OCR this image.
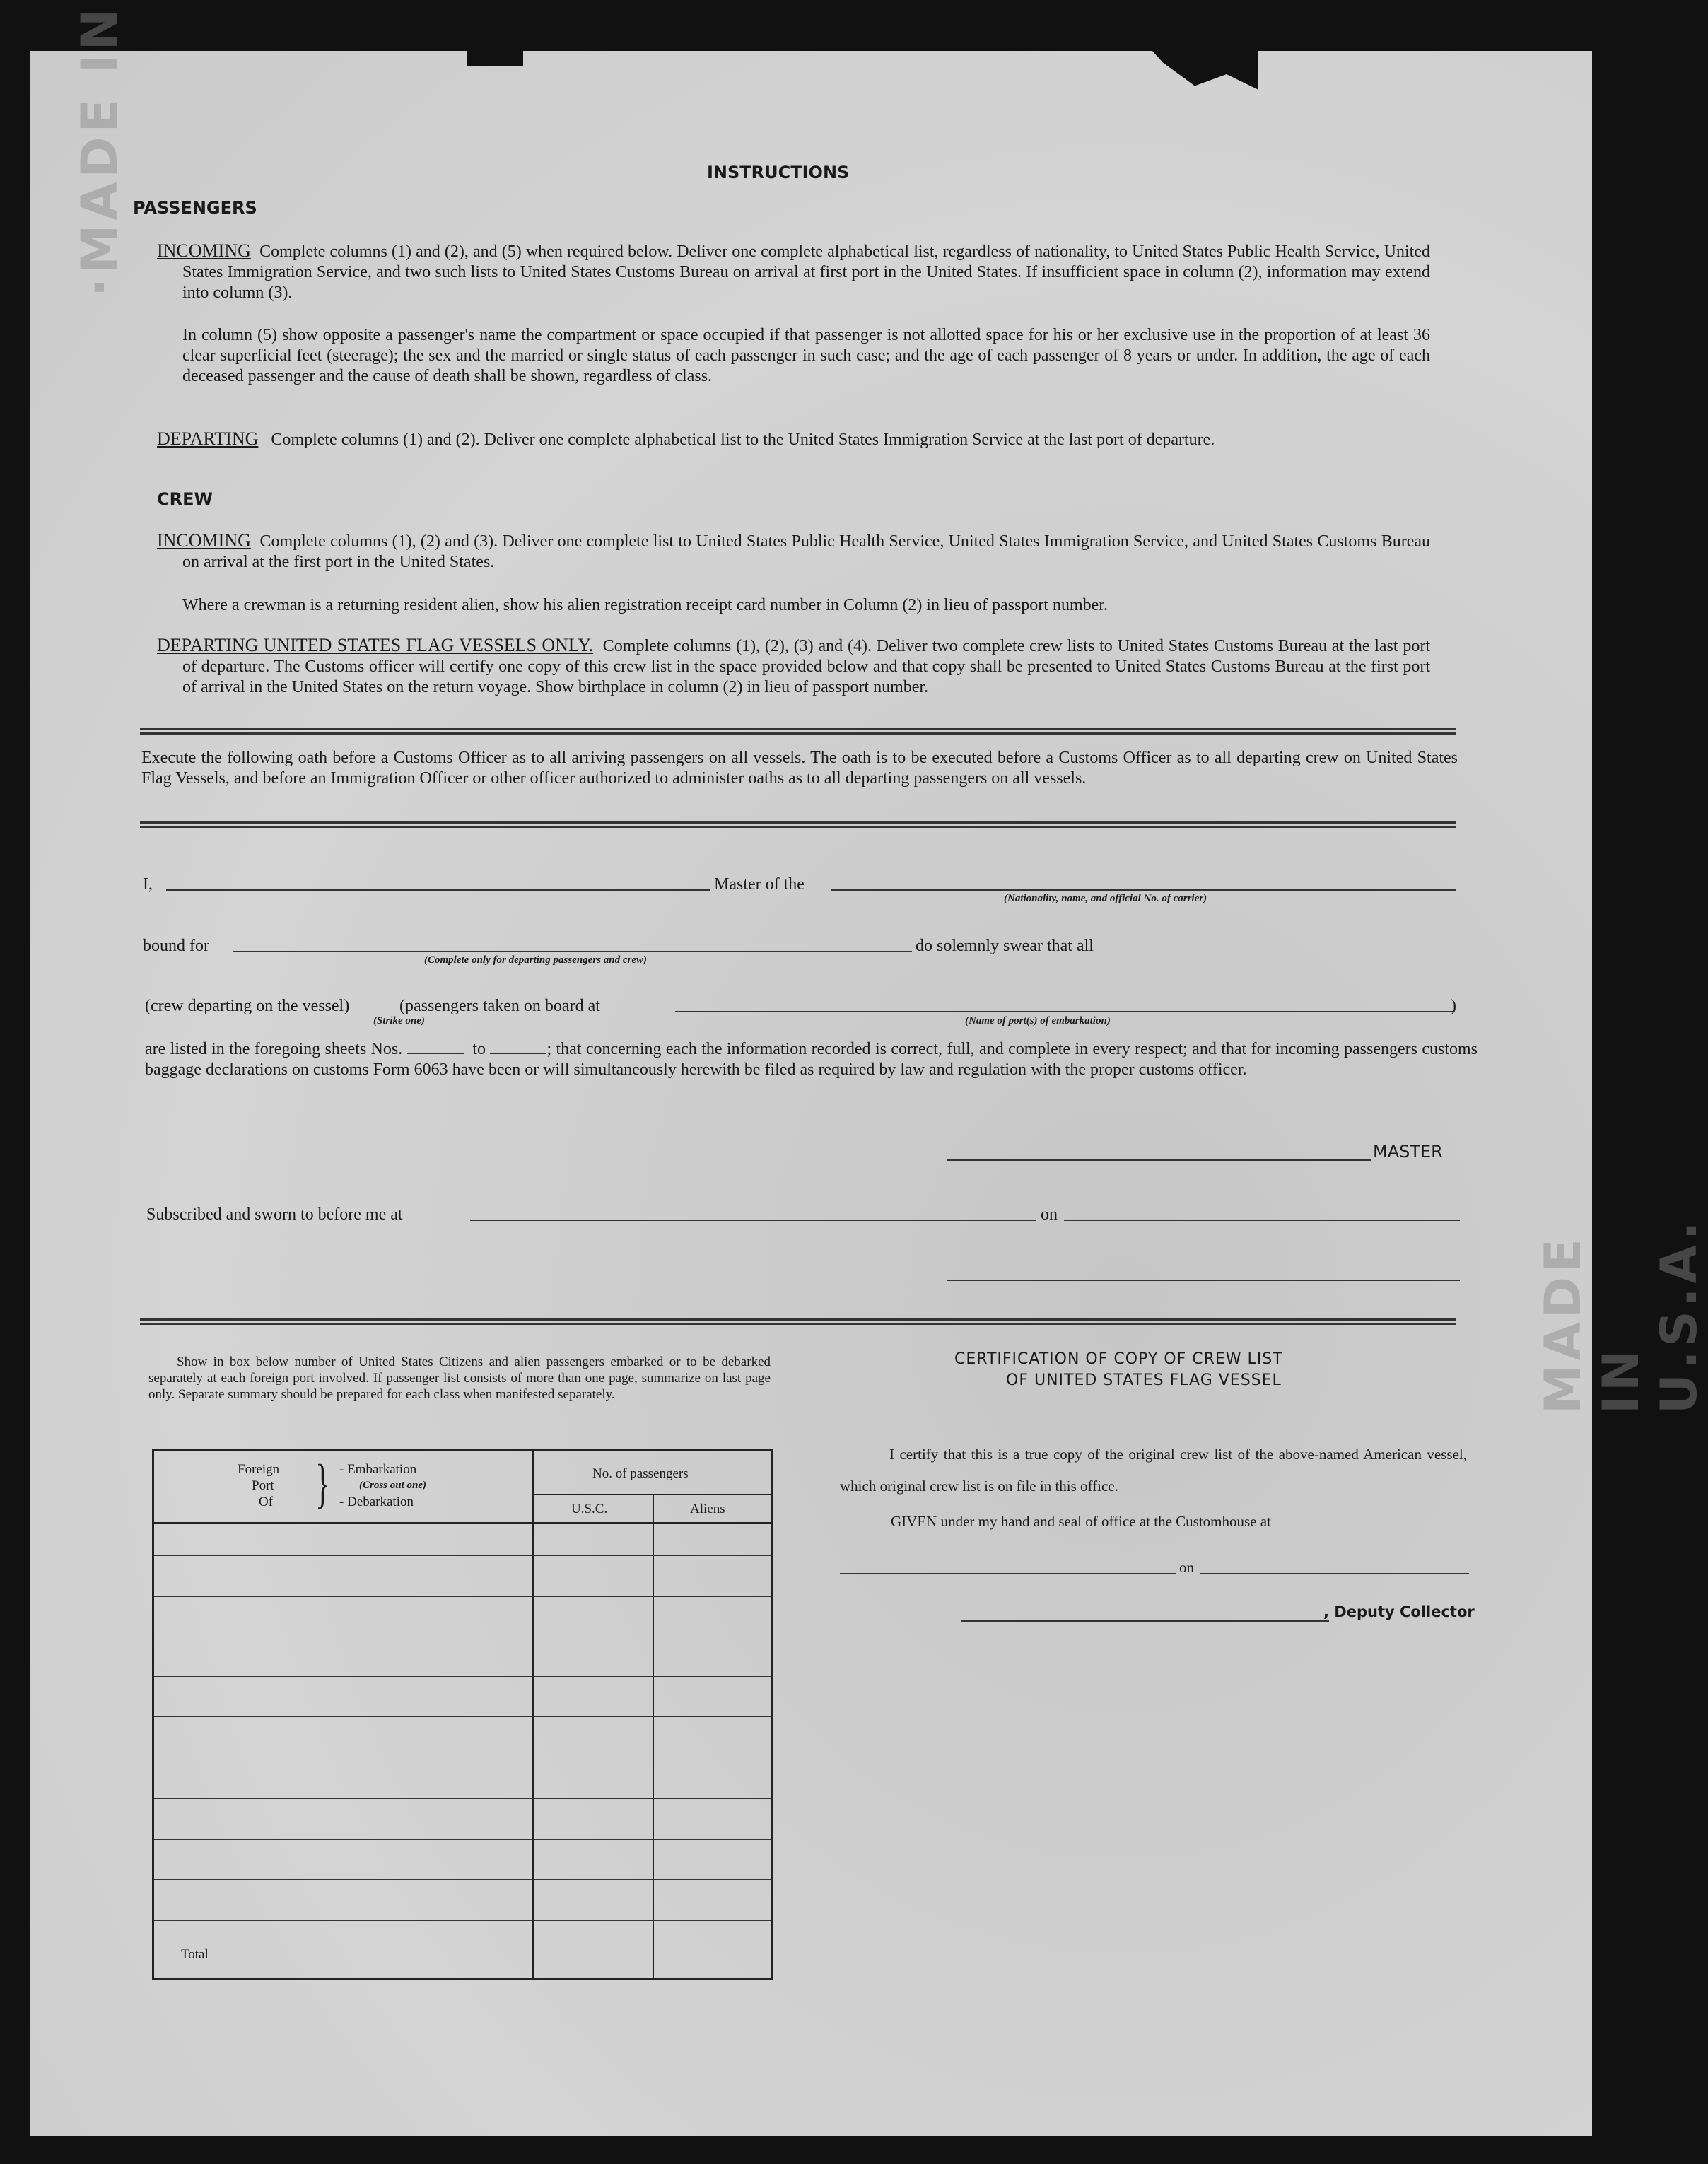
·MADE IN
MADE IN U.S.A.
INSTRUCTIONS
PASSENGERS
INCOMING Complete columns (1) and (2), and (5) when required below. Deliver one complete alphabetical list, regardless of nationality, to United States Public Health Service, United States Immigration Service, and two such lists to United States Customs Bureau on arrival at first port in the United States. If insufficient space in column (2), information may extend into column (3).
In column (5) show opposite a passenger's name the compartment or space occupied if that passenger is not allotted space for his or her exclusive use in the proportion of at least 36 clear superficial feet (steerage); the sex and the married or single status of each passenger in such case; and the age of each passenger of 8 years or under. In addition, the age of each deceased passenger and the cause of death shall be shown, regardless of class.
DEPARTING Complete columns (1) and (2). Deliver one complete alphabetical list to the United States Immigration Service at the last port of departure.
CREW
INCOMING Complete columns (1), (2) and (3). Deliver one complete list to United States Public Health Service, United States Immigration Service, and United States Customs Bureau on arrival at the first port in the United States.
Where a crewman is a returning resident alien, show his alien registration receipt card number in Column (2) in lieu of passport number.
DEPARTING UNITED STATES FLAG VESSELS ONLY. Complete columns (1), (2), (3) and (4). Deliver two complete crew lists to United States Customs Bureau at the last port of departure. The Customs officer will certify one copy of this crew list in the space provided below and that copy shall be presented to United States Customs Bureau at the first port of arrival in the United States on the return voyage. Show birthplace in column (2) in lieu of passport number.
Execute the following oath before a Customs Officer as to all arriving passengers on all vessels. The oath is to be executed before a Customs Officer as to all departing crew on United States Flag Vessels, and before an Immigration Officer or other officer authorized to administer oaths as to all departing passengers on all vessels.
I,	Master of the
(Nationality, name, and official No. of carrier)
bound for
(Complete only for departing passengers and crew)
do solemnly swear that all
(crew departing on the vessel)	(passengers taken on board at	)
(Strike one)	(Name of port(s) of embarkation)
are listed in the foregoing sheets Nos.	to	; that concerning each the information recorded is correct, full, and complete in every respect; and that for incoming passengers customs baggage declarations on customs Form 6063 have been or will simultaneously herewith be filed as required by law and regulation with the proper customs officer.
MASTER
Subscribed and sworn to before me at	on
Show in box below number of United States Citizens and alien passengers embarked or to be debarked separately at each foreign port involved. If passenger list consists of more than one page, summarize on last page only. Separate summary should be prepared for each class when manifested separately.
Foreign
Port
Of } - Embarkation
(Cross out one)
- Debarkation
No. of passengers
U.S.C.	Aliens
Total
CERTIFICATION OF COPY OF CREW LIST
OF UNITED STATES FLAG VESSEL
I certify that this is a true copy of the original crew list of the above-named American vessel, which original crew list is on file in this office.
GIVEN under my hand and seal of office at the Customhouse at
on
, Deputy Collector
